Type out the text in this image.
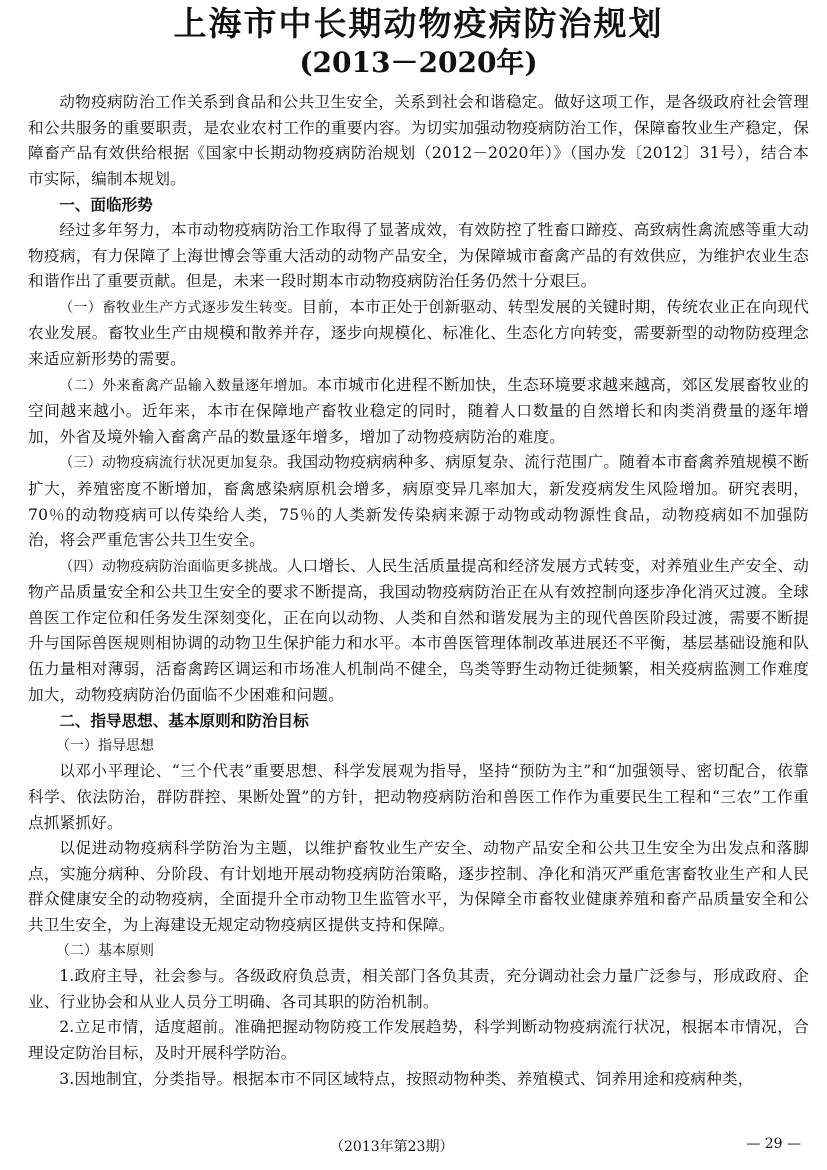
上海市中长期动物疫病防治规划
(2013－2020年)

动物疫病防治工作关系到食品和公共卫生安全，关系到社会和谐稳定。做好这项工作，是各级政府社会管理和公共服务的重要职责，是农业农村工作的重要内容。为切实加强动物疫病防治工作，保障畜牧业生产稳定，保障畜产品有效供给根据《国家中长期动物疫病防治规划（2012－2020年）》（国办发〔2012〕31号），结合本市实际，编制本规划。

一、面临形势

经过多年努力，本市动物疫病防治工作取得了显著成效，有效防控了牲畜口蹄疫、高致病性禽流感等重大动物疫病，有力保障了上海世博会等重大活动的动物产品安全，为保障城市畜禽产品的有效供应，为维护农业生态和谐作出了重要贡献。但是，未来一段时期本市动物疫病防治任务仍然十分艰巨。

（一）畜牧业生产方式逐步发生转变。目前，本市正处于创新驱动、转型发展的关键时期，传统农业正在向现代农业发展。畜牧业生产由规模和散养并存，逐步向规模化、标准化、生态化方向转变，需要新型的动物防疫理念来适应新形势的需要。

（二）外来畜禽产品输入数量逐年增加。本市城市化进程不断加快，生态环境要求越来越高，郊区发展畜牧业的空间越来越小。近年来，本市在保障地产畜牧业稳定的同时，随着人口数量的自然增长和肉类消费量的逐年增加，外省及境外输入畜禽产品的数量逐年增多，增加了动物疫病防治的难度。

（三）动物疫病流行状况更加复杂。我国动物疫病病种多、病原复杂、流行范围广。随着本市畜禽养殖规模不断扩大，养殖密度不断增加，畜禽感染病原机会增多，病原变异几率加大，新发疫病发生风险增加。研究表明，70％的动物疫病可以传染给人类，75％的人类新发传染病来源于动物或动物源性食品，动物疫病如不加强防治，将会严重危害公共卫生安全。

（四）动物疫病防治面临更多挑战。人口增长、人民生活质量提高和经济发展方式转变，对养殖业生产安全、动物产品质量安全和公共卫生安全的要求不断提高，我国动物疫病防治正在从有效控制向逐步净化消灭过渡。全球兽医工作定位和任务发生深刻变化，正在向以动物、人类和自然和谐发展为主的现代兽医阶段过渡，需要不断提升与国际兽医规则相协调的动物卫生保护能力和水平。本市兽医管理体制改革进展还不平衡，基层基础设施和队伍力量相对薄弱，活畜禽跨区调运和市场准人机制尚不健全，鸟类等野生动物迁徙频繁，相关疫病监测工作难度加大，动物疫病防治仍面临不少困难和问题。

二、指导思想、基本原则和防治目标

（一）指导思想

以邓小平理论、“三个代表”重要思想、科学发展观为指导，坚持“预防为主”和“加强领导、密切配合，依靠科学、依法防治，群防群控、果断处置”的方针，把动物疫病防治和兽医工作作为重要民生工程和“三农”工作重点抓紧抓好。

以促进动物疫病科学防治为主题，以维护畜牧业生产安全、动物产品安全和公共卫生安全为出发点和落脚点，实施分病种、分阶段、有计划地开展动物疫病防治策略，逐步控制、净化和消灭严重危害畜牧业生产和人民群众健康安全的动物疫病，全面提升全市动物卫生监管水平，为保障全市畜牧业健康养殖和畜产品质量安全和公共卫生安全，为上海建设无规定动物疫病区提供支持和保障。

（二）基本原则

1.政府主导，社会参与。各级政府负总责，相关部门各负其责，充分调动社会力量广泛参与，形成政府、企业、行业协会和从业人员分工明确、各司其职的防治机制。

2.立足市情，适度超前。准确把握动物防疫工作发展趋势，科学判断动物疫病流行状况，根据本市情况，合理设定防治目标，及时开展科学防治。

3.因地制宜，分类指导。根据本市不同区域特点，按照动物种类、养殖模式、饲养用途和疫病种类，

（2013年第23期）	— 29 —
